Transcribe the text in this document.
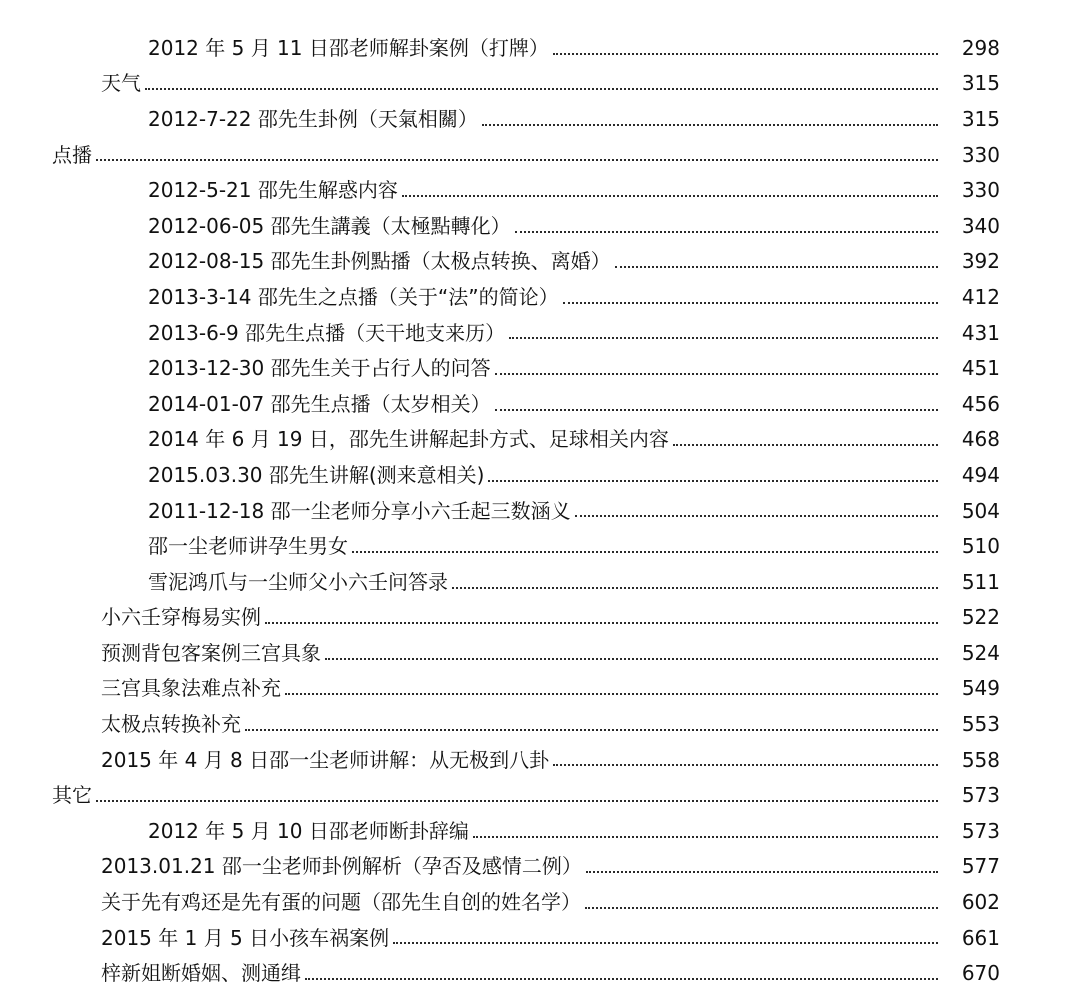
2012 年 5 月 11 日邵老师解卦案例（打牌）	298
天气	315
2012-7-22 邵先生卦例（天氣相關）	315
点播	330
2012-5-21 邵先生解惑内容	330
2012-06-05 邵先生講義（太極點轉化）	340
2012-08-15 邵先生卦例點播（太极点转换、离婚）	392
2013-3-14 邵先生之点播（关于“法”的简论）	412
2013-6-9 邵先生点播（天干地支来历）	431
2013-12-30 邵先生关于占行人的问答	451
2014-01-07 邵先生点播（太岁相关）	456
2014 年 6 月 19 日，邵先生讲解起卦方式、足球相关内容	468
2015.03.30 邵先生讲解(测来意相关)	494
2011-12-18 邵一尘老师分享小六壬起三数涵义	504
邵一尘老师讲孕生男女	510
雪泥鸿爪与一尘师父小六壬问答录	511
小六壬穿梅易实例	522
预测背包客案例三宫具象	524
三宫具象法难点补充	549
太极点转换补充	553
2015 年 4 月 8 日邵一尘老师讲解：从无极到八卦	558
其它	573
2012 年 5 月 10 日邵老师断卦辞编	573
2013.01.21 邵一尘老师卦例解析（孕否及感情二例）	577
关于先有鸡还是先有蛋的问题（邵先生自创的姓名学）	602
2015 年 1 月 5 日小孩车祸案例	661
梓新姐断婚姻、测通缉	670
